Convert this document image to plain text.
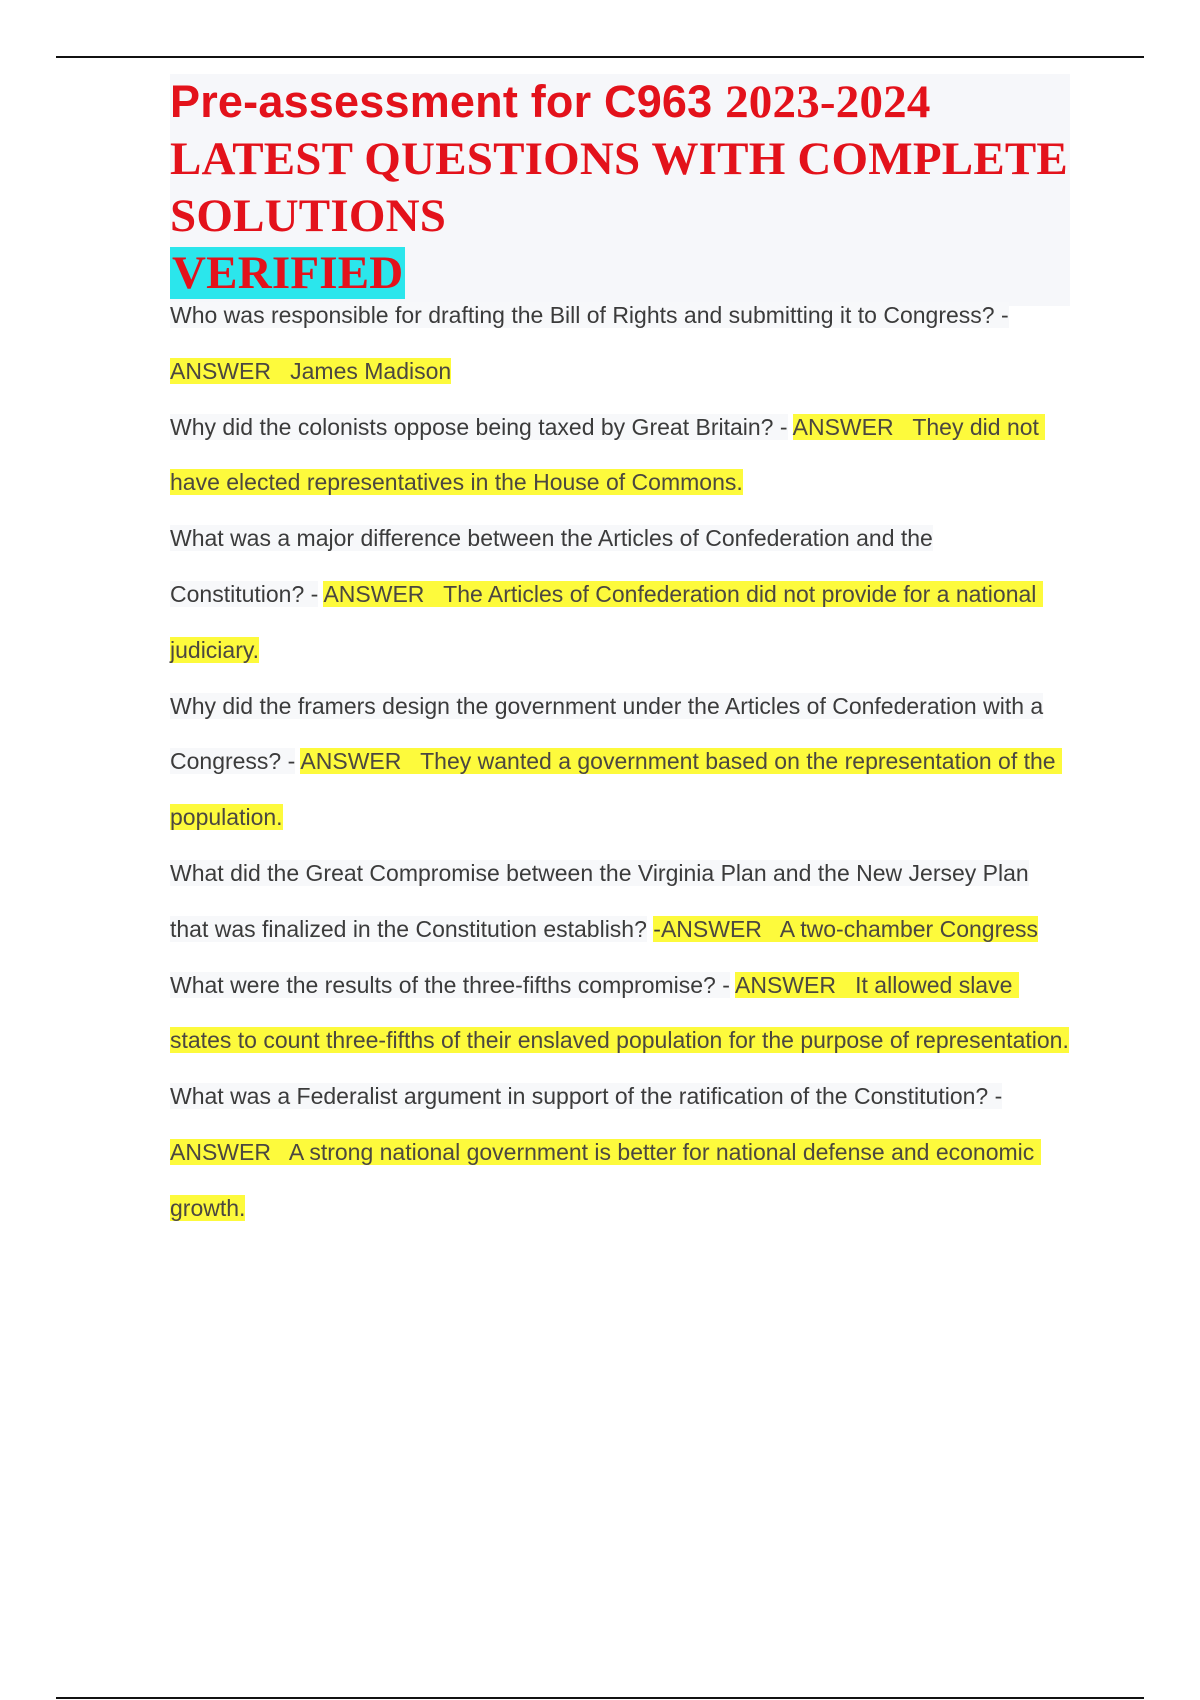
Pre-assessment for C963 2023-2024
LATEST QUESTIONS WITH COMPLETE SOLUTIONS
VERIFIED

Who was responsible for drafting the Bill of Rights and submitting it to Congress? - ANSWER   James Madison

Why did the colonists oppose being taxed by Great Britain? - ANSWER   They did not have elected representatives in the House of Commons.

What was a major difference between the Articles of Confederation and the Constitution? - ANSWER   The Articles of Confederation did not provide for a national judiciary.

Why did the framers design the government under the Articles of Confederation with a Congress? - ANSWER   They wanted a government based on the representation of the population.

What did the Great Compromise between the Virginia Plan and the New Jersey Plan that was finalized in the Constitution establish? -ANSWER   A two-chamber Congress

What were the results of the three-fifths compromise? - ANSWER   It allowed slave states to count three-fifths of their enslaved population for the purpose of representation.

What was a Federalist argument in support of the ratification of the Constitution? - ANSWER   A strong national government is better for national defense and economic growth.
